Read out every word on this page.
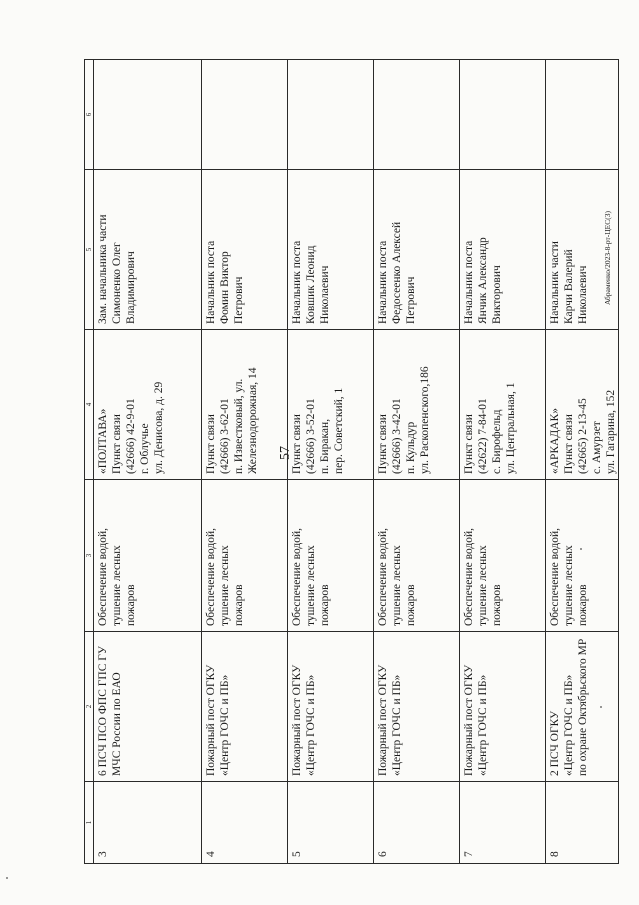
57
Абраменко/2023-8-рт-ЦЕС(3)
1	2	3	4	5	6
3	6 ПСЧ ПСО ФПС ГПС ГУ МЧС России по ЕАО	Обеспечение водой, тушение лесных пожаров	«ПОЛТАВА» Пункт связи (42666) 42-9-01 г. Облучье ул. Денисова, д. 29	Зам. начальника части Симоненко Олег Владимирович	

4	Пожарный пост ОГКУ «Центр ГОЧС и ПБ»	Обеспечение водой, тушение лесных пожаров	Пункт связи (42666) 3-62-01 п. Известковый, ул. Железнодорожная, 14	Начальник поста Фомин Виктор Петрович	

5	Пожарный пост ОГКУ «Центр ГОЧС и ПБ»	Обеспечение водой, тушение лесных пожаров	Пункт связи (42666) 3-52-01 п. Биракан, пер. Советский, 1	Начальник поста Ковшик Леонид Николаевич	

6	Пожарный пост ОГКУ «Центр ГОЧС и ПБ»	Обеспечение водой, тушение лесных пожаров	Пункт связи (42666) 3-42-01 п. Кульдур ул. Раскопенского,186	Начальник поста Федосеенко Алексей Петрович	

7	Пожарный пост ОГКУ «Центр ГОЧС и ПБ»	Обеспечение водой, тушение лесных пожаров	Пункт связи (42622) 7-84-01 с. Бирофельд ул. Центральная, 1	Начальник поста Янчик Александр Викторович	

8	2 ПСЧ ОГКУ «Центр ГОЧС и ПБ» по охране Октябрьского МР	Обеспечение водой, тушение лесных пожаров	«АРКАДАК» Пункт связи (42665) 2-13-45 с. Амурзет ул. Гагарина, 152	Начальник части Карчи Валерий Николаевич	
